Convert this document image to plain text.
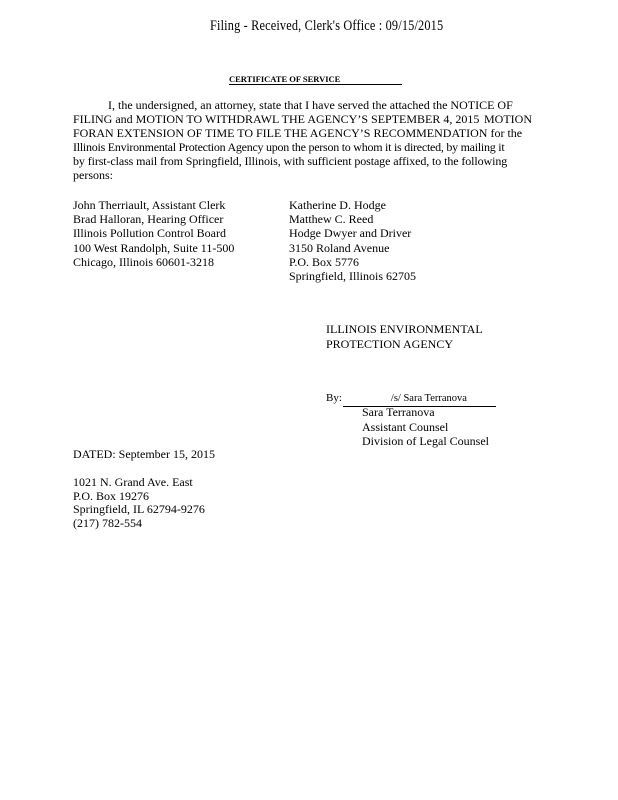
Filing - Received, Clerk's Office : 09/15/2015
CERTIFICATE OF SERVICE
I, the undersigned, an attorney, state that I have served the attached the NOTICE OF
FILING and MOTION TO WITHDRAWL THE AGENCY’S SEPTEMBER 4, 2015 MOTION
FORAN EXTENSION OF TIME TO FILE THE AGENCY’S RECOMMENDATION for the
Illinois Environmental Protection Agency upon the person to whom it is directed, by mailing it
by first-class mail from Springfield, Illinois, with sufficient postage affixed, to the following
persons:
John Therriault, Assistant Clerk
Brad Halloran, Hearing Officer
Illinois Pollution Control Board
100 West Randolph, Suite 11-500
Chicago, Illinois 60601-3218
Katherine D. Hodge
Matthew C. Reed
Hodge Dwyer and Driver
3150 Roland Avenue
P.O. Box 5776
Springfield, Illinois 62705
ILLINOIS ENVIRONMENTAL
PROTECTION AGENCY
By:	/s/ Sara Terranova
Sara Terranova
Assistant Counsel
Division of Legal Counsel
DATED: September 15, 2015
1021 N. Grand Ave. East
P.O. Box 19276
Springfield, IL 62794-9276
(217) 782-554
